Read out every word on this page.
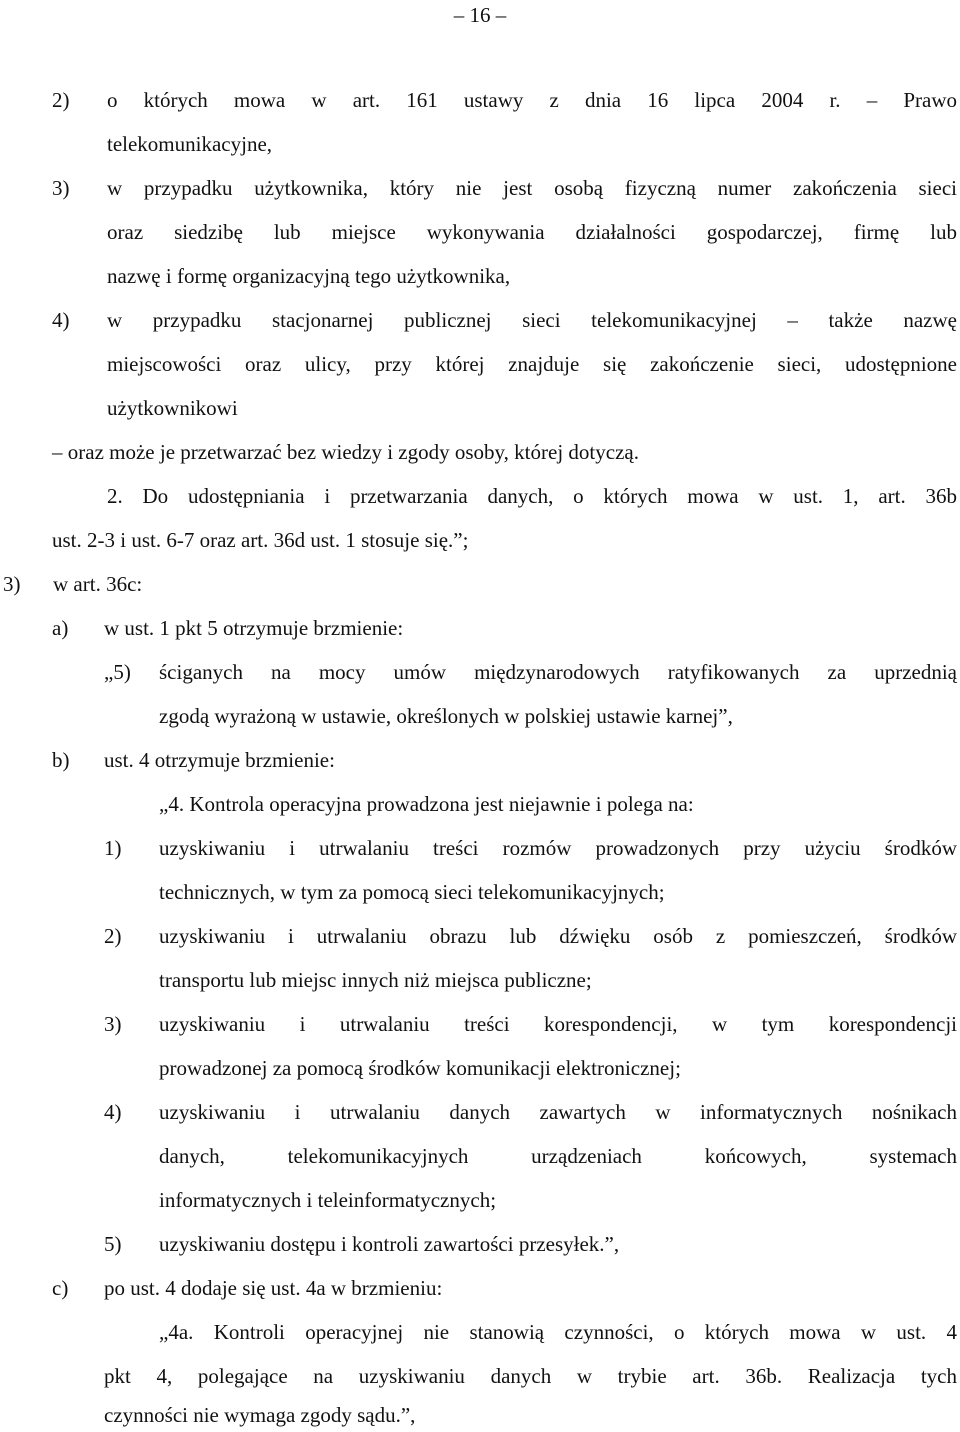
– 16 –
2) o których mowa w art. 161 ustawy z dnia 16 lipca 2004 r. – Prawo
telekomunikacyjne,
3) w przypadku użytkownika, który nie jest osobą fizyczną numer zakończenia sieci
oraz siedzibę lub miejsce wykonywania działalności gospodarczej, firmę lub
nazwę i formę organizacyjną tego użytkownika,
4) w przypadku stacjonarnej publicznej sieci telekomunikacyjnej – także nazwę
miejscowości oraz ulicy, przy której znajduje się zakończenie sieci, udostępnione
użytkownikowi
– oraz może je przetwarzać bez wiedzy i zgody osoby, której dotyczą.
2. Do udostępniania i przetwarzania danych, o których mowa w ust. 1, art. 36b
ust. 2-3 i ust. 6-7 oraz art. 36d ust. 1 stosuje się.”;
3) w art. 36c:
a) w ust. 1 pkt 5 otrzymuje brzmienie:
„5) ściganych na mocy umów międzynarodowych ratyfikowanych za uprzednią
zgodą wyrażoną w ustawie, określonych w polskiej ustawie karnej”,
b) ust. 4 otrzymuje brzmienie:
„4. Kontrola operacyjna prowadzona jest niejawnie i polega na:
1) uzyskiwaniu i utrwalaniu treści rozmów prowadzonych przy użyciu środków
technicznych, w tym za pomocą sieci telekomunikacyjnych;
2) uzyskiwaniu i utrwalaniu obrazu lub dźwięku osób z pomieszczeń, środków
transportu lub miejsc innych niż miejsca publiczne;
3) uzyskiwaniu i utrwalaniu treści korespondencji, w tym korespondencji
prowadzonej za pomocą środków komunikacji elektronicznej;
4) uzyskiwaniu i utrwalaniu danych zawartych w informatycznych nośnikach
danych, telekomunikacyjnych urządzeniach końcowych, systemach
informatycznych i teleinformatycznych;
5) uzyskiwaniu dostępu i kontroli zawartości przesyłek.”,
c) po ust. 4 dodaje się ust. 4a w brzmieniu:
„4a. Kontroli operacyjnej nie stanowią czynności, o których mowa w ust. 4
pkt 4, polegające na uzyskiwaniu danych w trybie art. 36b. Realizacja tych
czynności nie wymaga zgody sądu.”,
